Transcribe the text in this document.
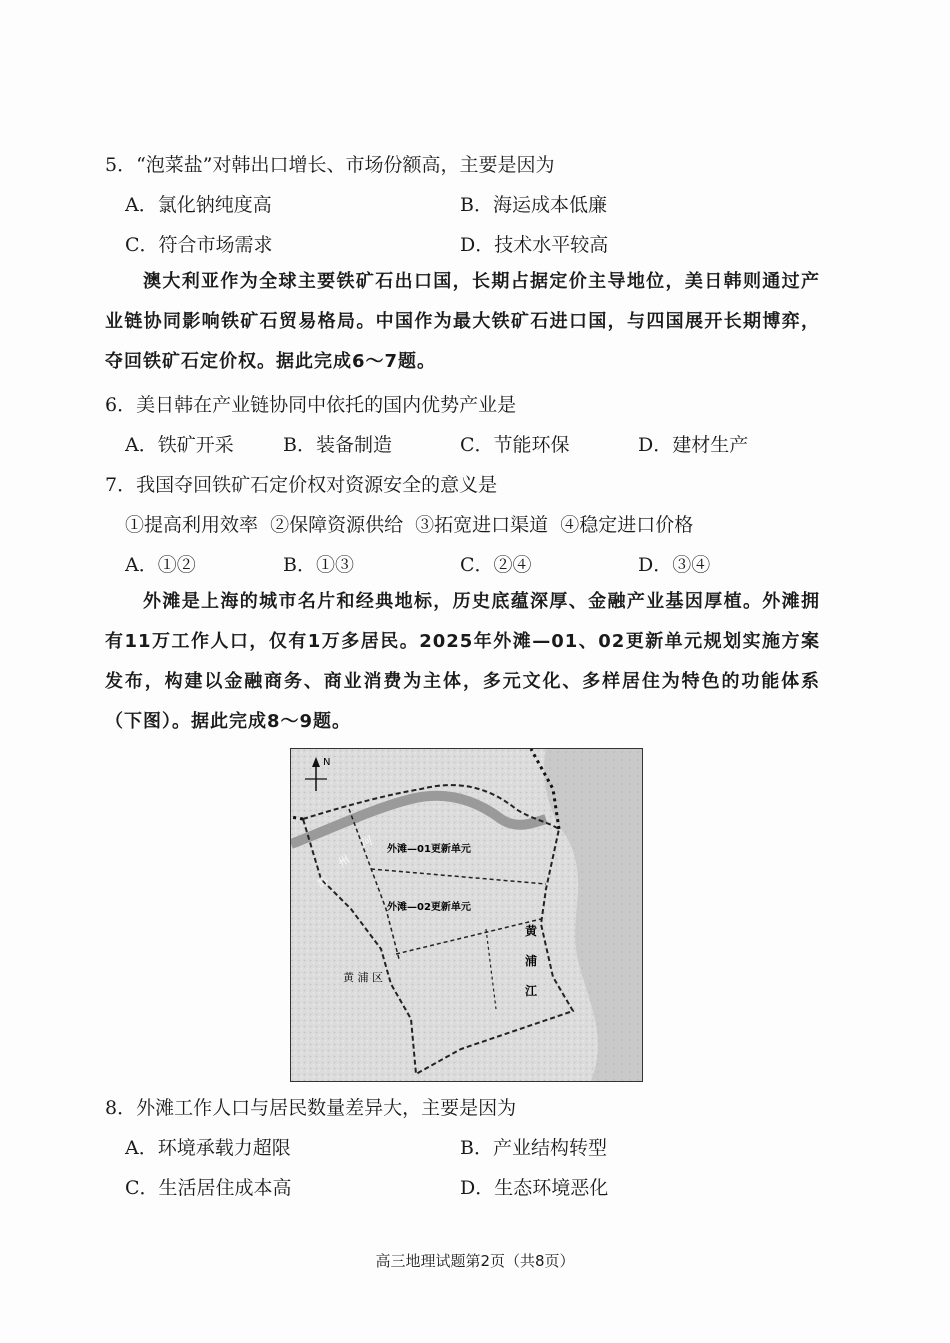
5．“泡菜盐”对韩出口增长、市场份额高，主要是因为
A．氯化钠纯度高	B．海运成本低廉
C．符合市场需求	D．技术水平较高

澳大利亚作为全球主要铁矿石出口国，长期占据定价主导地位，美日韩则通过产业链协同影响铁矿石贸易格局。中国作为最大铁矿石进口国，与四国展开长期博弈，夺回铁矿石定价权。据此完成6～7题。

6．美日韩在产业链协同中依托的国内优势产业是
A．铁矿开采	B．装备制造	C．节能环保	D．建材生产
7．我国夺回铁矿石定价权对资源安全的意义是
①提高利用效率  ②保障资源供给  ③拓宽进口渠道  ④稳定进口价格
A．①②	B．①③	C．②④	D．③④

外滩是上海的城市名片和经典地标，历史底蕴深厚、金融产业基因厚植。外滩拥有11万工作人口，仅有1万多居民。2025年外滩—01、02更新单元规划实施方案发布，构建以金融商务、商业消费为主体，多元文化、多样居住为特色的功能体系（下图）。据此完成8～9题。

N
外滩—01更新单元
外滩—02更新单元
黄 浦 区
黄
浦
江
苏
州
河
8．外滩工作人口与居民数量差异大，主要是因为
A．环境承载力超限	B．产业结构转型
C．生活居住成本高	D．生态环境恶化
高三地理试题第2页（共8页）
